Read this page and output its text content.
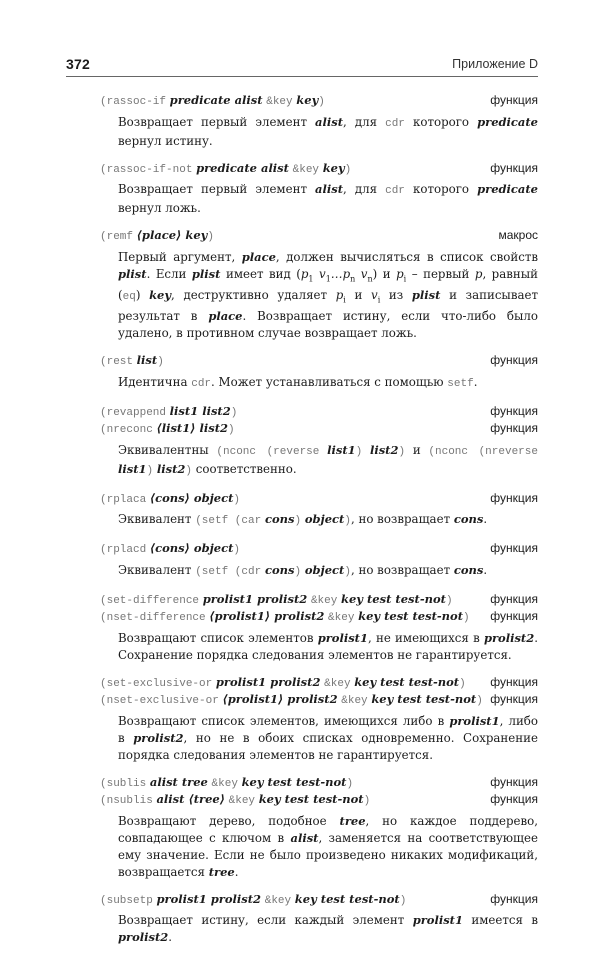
372	Приложение D
(rassoc-if predicate alist &key key)	функция
Возвращает первый элемент alist, для cdr которого predicate вернул истину.
(rassoc-if-not predicate alist &key key)	функция
Возвращает первый элемент alist, для cdr которого predicate вернул ложь.
(remf ⟨place⟩ key)	макрос
Первый аргумент, place, должен вычисляться в список свойств plist. Если plist имеет вид ($p_1$ $v_1\dots p_n$ $v_n$) и $p_i$ – первый p, равный (eq) key, деструктивно удаляет $p_i$ и $v_i$ из plist и записывает результат в place. Возвращает истину, если что-либо было удалено, в противном случае возвращает ложь.
(rest list)	функция
Идентична cdr. Может устанавливаться с помощью setf.
(revappend list1 list2)	функция
(nreconc ⟨list1⟩ list2)	функция
Эквивалентны (nconc (reverse list1) list2) и (nconc (nreverse list1) list2) соответственно.
(rplaca ⟨cons⟩ object)	функция
Эквивалент (setf (car cons) object), но возвращает cons.
(rplacd ⟨cons⟩ object)	функция
Эквивалент (setf (cdr cons) object), но возвращает cons.
(set-difference prolist1 prolist2 &key key test test-not)	функция
(nset-difference ⟨prolist1⟩ prolist2 &key key test test-not) функция
Возвращают список элементов prolist1, не имеющихся в prolist2. Сохранение порядка следования элементов не гарантируется.
(set-exclusive-or prolist1 prolist2 &key key test test-not) функция
(nset-exclusive-or ⟨prolist1⟩ prolist2 &key key test test-not) функция
Возвращают список элементов, имеющихся либо в prolist1, либо в prolist2, но не в обоих списках одновременно. Сохранение порядка следования элементов не гарантируется.
(sublis alist tree &key key test test-not)	функция
(nsublis alist ⟨tree⟩ &key key test test-not)	функция
Возвращают дерево, подобное tree, но каждое поддерево, совпадающее с ключом в alist, заменяется на соответствующее ему значение. Если не было произведено никаких модификаций, возвращается tree.
(subsetp prolist1 prolist2 &key key test test-not)	функция
Возвращает истину, если каждый элемент prolist1 имеется в prolist2.
